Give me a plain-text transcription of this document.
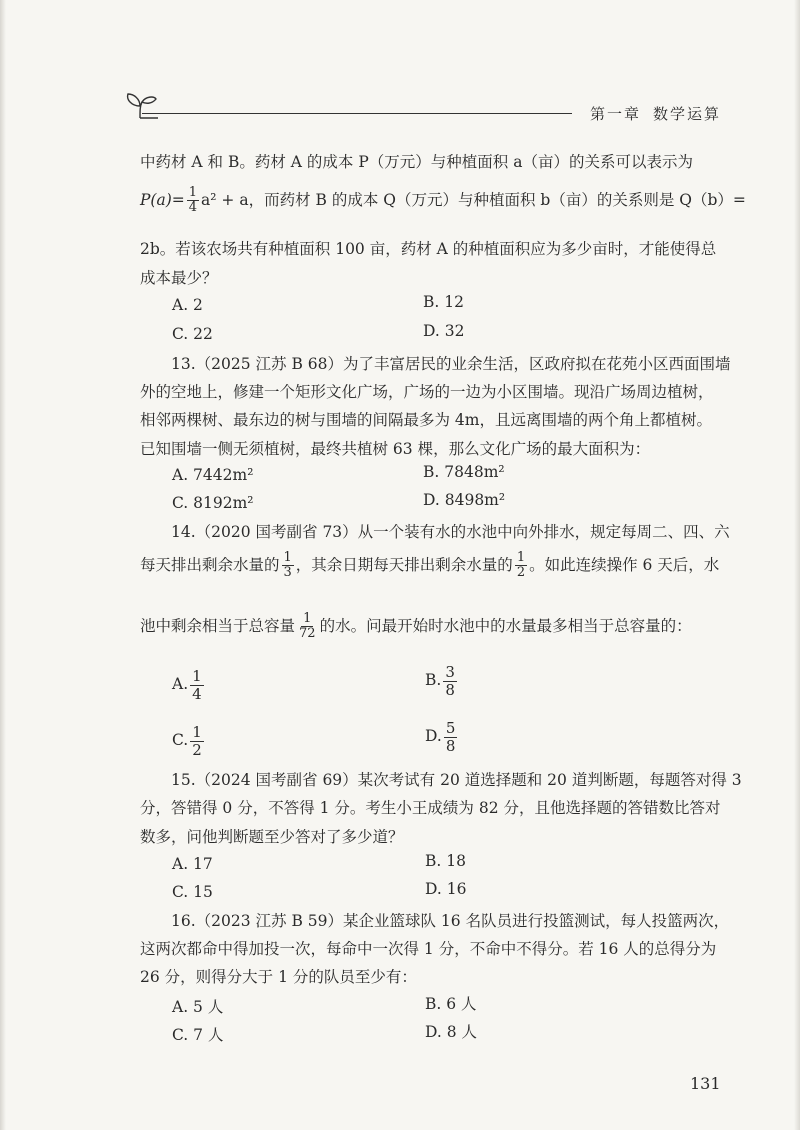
第一章 数学运算
中药材 A 和 B。药材 A 的成本 P（万元）与种植面积 a（亩）的关系可以表示为
$P(a)= \frac{1}{4} a^2 + a$，而药材 B 的成本 Q（万元）与种植面积 b（亩）的关系则是 Q（b）=
2b。若该农场共有种植面积 100 亩，药材 A 的种植面积应为多少亩时，才能使得总
成本最少？
A. 2	B. 12
C. 22	D. 32
13.（2025 江苏 B 68）为了丰富居民的业余生活，区政府拟在花苑小区西面围墙
外的空地上，修建一个矩形文化广场，广场的一边为小区围墙。现沿广场周边植树，
相邻两棵树、最东边的树与围墙的间隔最多为 4m，且远离围墙的两个角上都植树。
已知围墙一侧无须植树，最终共植树 63 棵，那么文化广场的最大面积为：
A. 7442m²	B. 7848m²
C. 8192m²	D. 8498m²
14.（2020 国考副省 73）从一个装有水的水池中向外排水，规定每周二、四、六
每天排出剩余水量的 $\frac{1}{3}$ ，其余日期每天排出剩余水量的 $\frac{1}{2}$ 。如此连续操作 6 天后，水
池中剩余相当于总容量 $\frac{1}{72}$ 的水。问最开始时水池中的水量最多相当于总容量的：
A. $\frac{1}{4}$	B. $\frac{3}{8}$
C. $\frac{1}{2}$	D. $\frac{5}{8}$
15.（2024 国考副省 69）某次考试有 20 道选择题和 20 道判断题，每题答对得 3
分，答错得 0 分，不答得 1 分。考生小王成绩为 82 分，且他选择题的答错数比答对
数多，问他判断题至少答对了多少道？
A. 17	B. 18
C. 15	D. 16
16.（2023 江苏 B 59）某企业篮球队 16 名队员进行投篮测试，每人投篮两次，
这两次都命中得加投一次，每命中一次得 1 分，不命中不得分。若 16 人的总得分为
26 分，则得分大于 1 分的队员至少有：
A. 5 人	B. 6 人
C. 7 人	D. 8 人
131
